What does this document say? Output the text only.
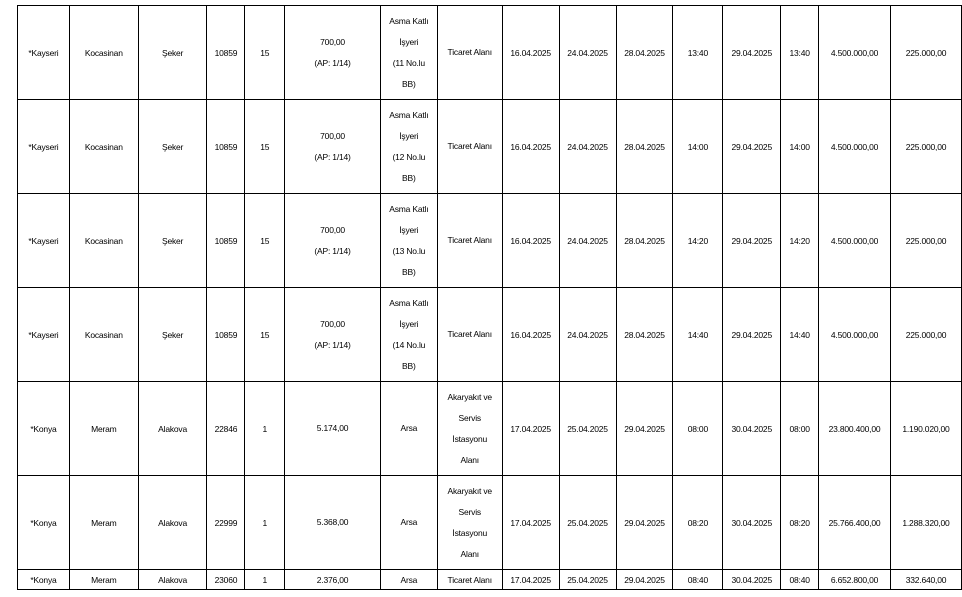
*Kayseri	Kocasinan	Şeker	10859	15	700,00
(AP: 1/14)	Asma Katlı
İşyeri
(11 No.lu
BB)	Ticaret Alanı	16.04.2025	24.04.2025	28.04.2025	13:40	29.04.2025	13:40	4.500.000,00	225.000,00
*Kayseri	Kocasinan	Şeker	10859	15	700,00
(AP: 1/14)	Asma Katlı
İşyeri
(12 No.lu
BB)	Ticaret Alanı	16.04.2025	24.04.2025	28.04.2025	14:00	29.04.2025	14:00	4.500.000,00	225.000,00
*Kayseri	Kocasinan	Şeker	10859	15	700,00
(AP: 1/14)	Asma Katlı
İşyeri
(13 No.lu
BB)	Ticaret Alanı	16.04.2025	24.04.2025	28.04.2025	14:20	29.04.2025	14:20	4.500.000,00	225.000,00
*Kayseri	Kocasinan	Şeker	10859	15	700,00
(AP: 1/14)	Asma Katlı
İşyeri
(14 No.lu
BB)	Ticaret Alanı	16.04.2025	24.04.2025	28.04.2025	14:40	29.04.2025	14:40	4.500.000,00	225.000,00
*Konya	Meram	Alakova	22846	1	5.174,00	Arsa	Akaryakıt ve
Servis
İstasyonu
Alanı	17.04.2025	25.04.2025	29.04.2025	08:00	30.04.2025	08:00	23.800.400,00	1.190.020,00
*Konya	Meram	Alakova	22999	1	5.368,00	Arsa	Akaryakıt ve
Servis
İstasyonu
Alanı	17.04.2025	25.04.2025	29.04.2025	08:20	30.04.2025	08:20	25.766.400,00	1.288.320,00
*Konya	Meram	Alakova	23060	1	2.376,00	Arsa	Ticaret Alanı	17.04.2025	25.04.2025	29.04.2025	08:40	30.04.2025	08:40	6.652.800,00	332.640,00
